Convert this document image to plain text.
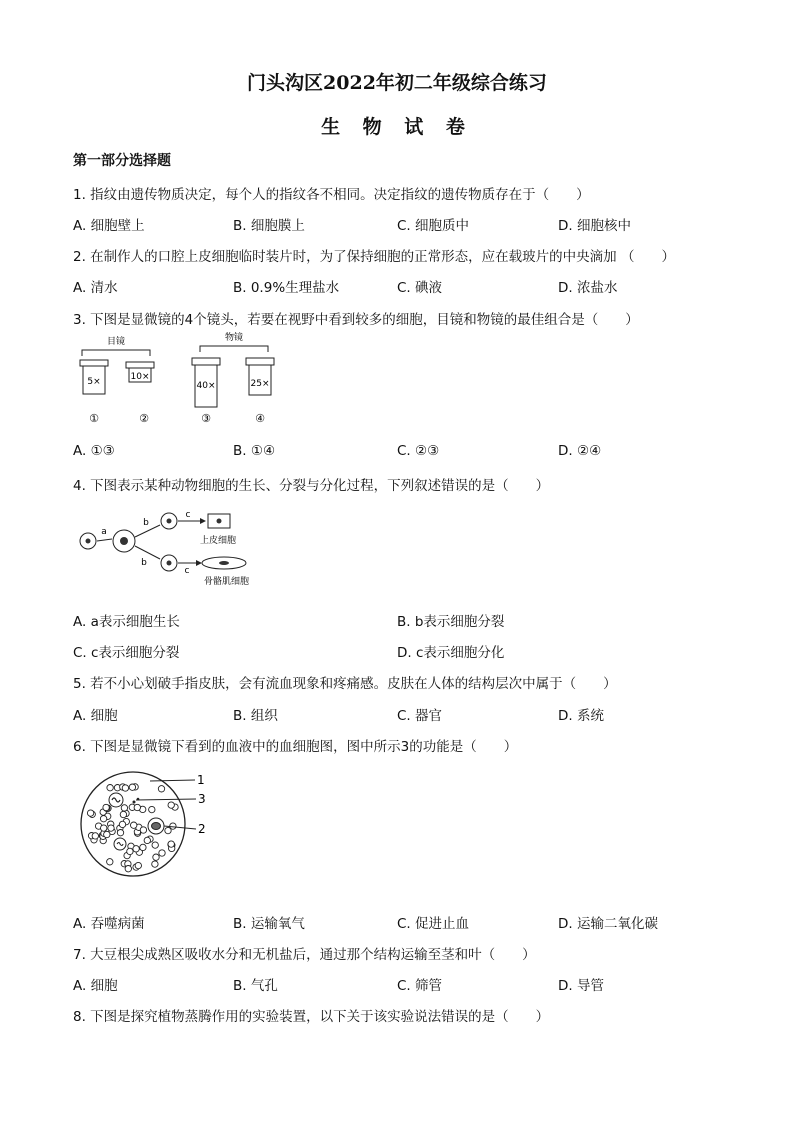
门头沟区2022年初二年级综合练习
生 物 试 卷
第一部分选择题
1. 指纹由遗传物质决定，每个人的指纹各不相同。决定指纹的遗传物质存在于（　　）
A. 细胞壁上	B. 细胞膜上	C. 细胞质中	D. 细胞核中
2. 在制作人的口腔上皮细胞临时装片时，为了保持细胞的正常形态，应在载玻片的中央滴加 （　　）
A. 清水	B. 0.9%生理盐水	C. 碘液	D. 浓盐水
3. 下图是显微镜的4个镜头，若要在视野中看到较多的细胞，目镜和物镜的最佳组合是（　　）
目镜	物镜
5×	10×
40×	25×
①	②	③	④
A. ①③	B. ①④	C. ②③	D. ②④
4. 下图表示某种动物细胞的生长、分裂与分化过程，下列叙述错误的是（　　）
a
b
c
上皮细胞
b
c
骨骼肌细胞
A. a表示细胞生长	B. b表示细胞分裂
C. c表示细胞分裂	D. c表示细胞分化
5. 若不小心划破手指皮肤，会有流血现象和疼痛感。皮肤在人体的结构层次中属于（　　）
A. 细胞	B. 组织	C. 器官	D. 系统
6. 下图是显微镜下看到的血液中的血细胞图，图中所示3的功能是（　　）
1
3
2
A. 吞噬病菌	B. 运输氧气	C. 促进止血	D. 运输二氧化碳
7. 大豆根尖成熟区吸收水分和无机盐后，通过那个结构运输至茎和叶（　　）
A. 细胞	B. 气孔	C. 筛管	D. 导管
8. 下图是探究植物蒸腾作用的实验装置，以下关于该实验说法错误的是（　　）
